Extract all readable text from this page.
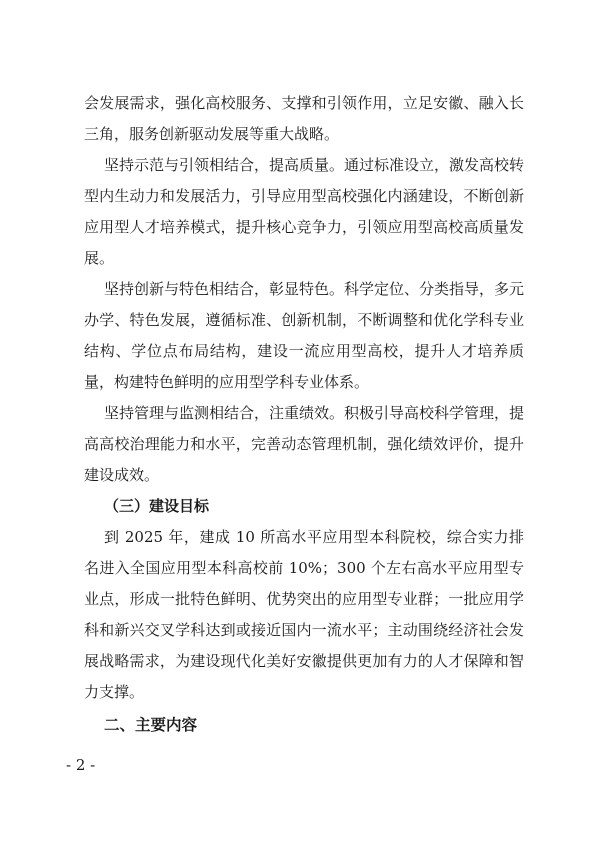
会发展需求，强化高校服务、支撑和引领作用，立足安徽、融入长三角，服务创新驱动发展等重大战略。

坚持示范与引领相结合，提高质量。通过标准设立，激发高校转型内生动力和发展活力，引导应用型高校强化内涵建设，不断创新应用型人才培养模式，提升核心竞争力，引领应用型高校高质量发展。

坚持创新与特色相结合，彰显特色。科学定位、分类指导，多元办学、特色发展，遵循标准、创新机制，不断调整和优化学科专业结构、学位点布局结构，建设一流应用型高校，提升人才培养质量，构建特色鲜明的应用型学科专业体系。

坚持管理与监测相结合，注重绩效。积极引导高校科学管理，提高高校治理能力和水平，完善动态管理机制，强化绩效评价，提升建设成效。

（三）建设目标

到 2025 年，建成 10 所高水平应用型本科院校，综合实力排名进入全国应用型本科高校前 10%；300 个左右高水平应用型专业点，形成一批特色鲜明、优势突出的应用型专业群；一批应用学科和新兴交叉学科达到或接近国内一流水平；主动围绕经济社会发展战略需求，为建设现代化美好安徽提供更加有力的人才保障和智力支撑。

二、主要内容

- 2 -
